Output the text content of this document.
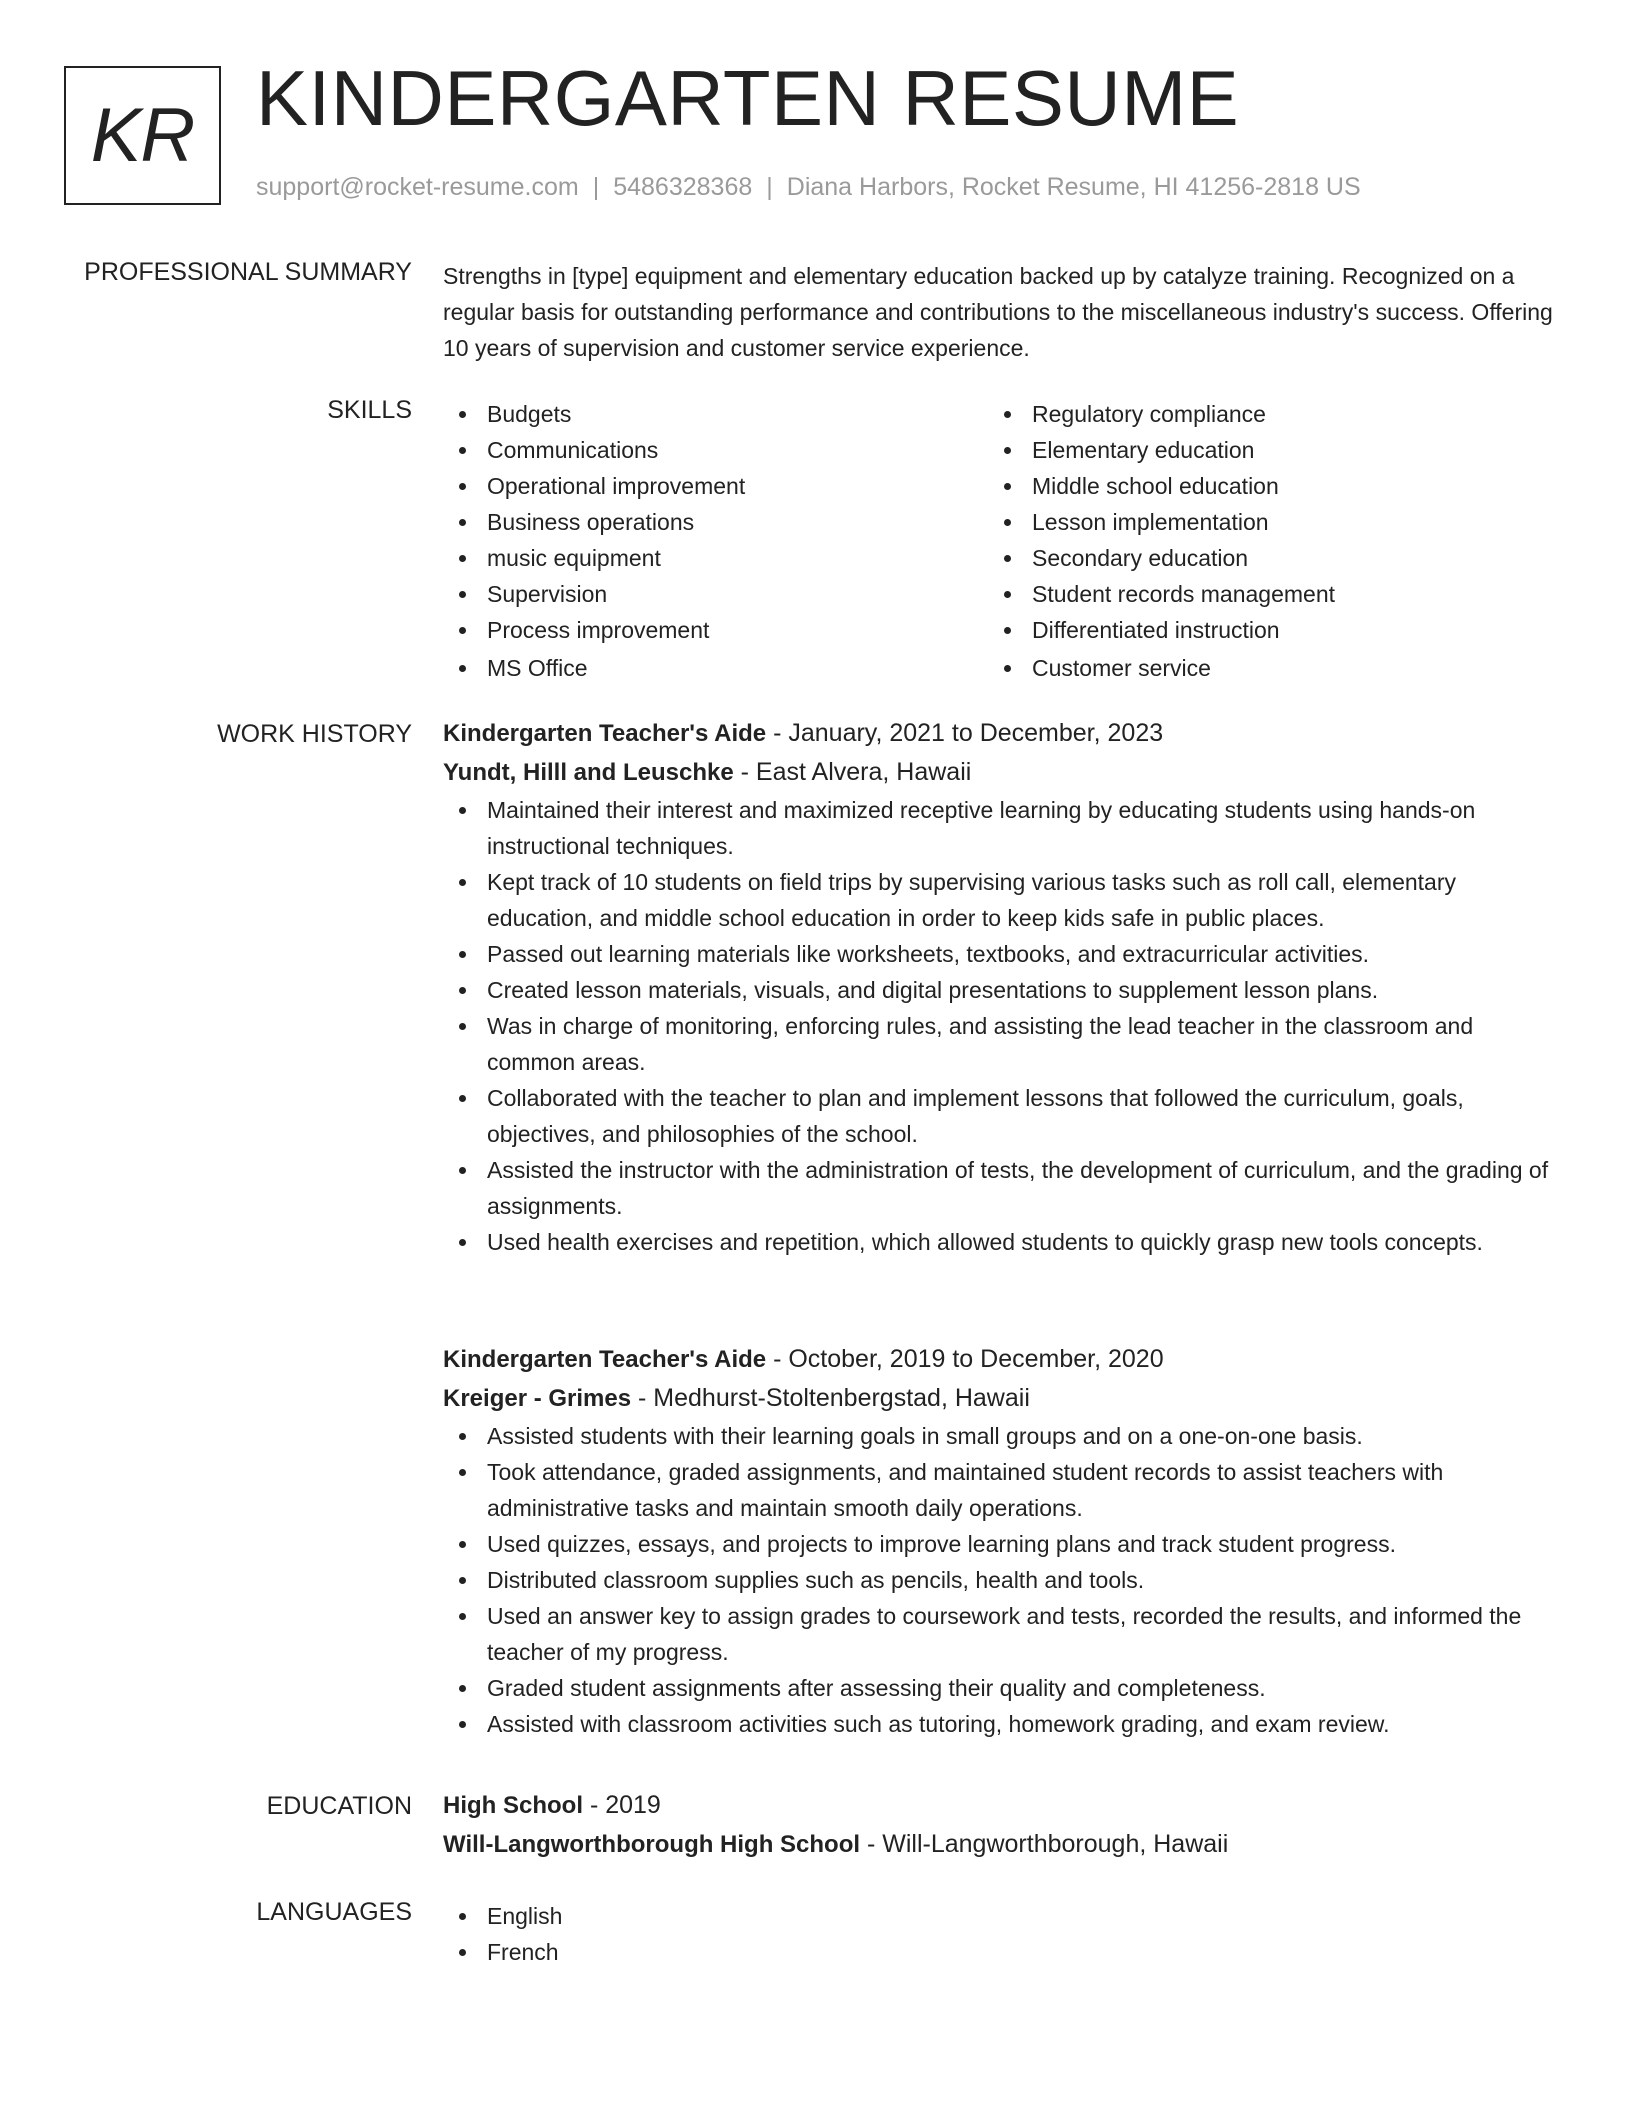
KR KINDERGARTEN RESUME
support@rocket-resume.com | 5486328368 | Diana Harbors, Rocket Resume, HI 41256-2818 US
PROFESSIONAL SUMMARY Strengths in [type] equipment and elementary education backed up by catalyze training. Recognized on a regular basis for outstanding performance and contributions to the miscellaneous industry's success. Offering 10 years of supervision and customer service experience.

SKILLS	Budgets
Communications
Operational improvement
Business operations
music equipment
Supervision
Process improvement
MS Office
Regulatory compliance
Elementary education
Middle school education
Lesson implementation
Secondary education
Student records management
Differentiated instruction
Customer service
WORK HISTORY Kindergarten Teacher's Aide - January, 2021 to December, 2023
Yundt, Hilll and Leuschke - East Alvera, Hawaii
Maintained their interest and maximized receptive learning by educating students using hands-on instructional techniques.
Kept track of 10 students on field trips by supervising various tasks such as roll call, elementary education, and middle school education in order to keep kids safe in public places.
Passed out learning materials like worksheets, textbooks, and extracurricular activities.
Created lesson materials, visuals, and digital presentations to supplement lesson plans.
Was in charge of monitoring, enforcing rules, and assisting the lead teacher in the classroom and common areas.
Collaborated with the teacher to plan and implement lessons that followed the curriculum, goals, objectives, and philosophies of the school.
Assisted the instructor with the administration of tests, the development of curriculum, and the grading of assignments.
Used health exercises and repetition, which allowed students to quickly grasp new tools concepts.
Kindergarten Teacher's Aide - October, 2019 to December, 2020
Kreiger - Grimes - Medhurst-Stoltenbergstad, Hawaii
Assisted students with their learning goals in small groups and on a one-on-one basis.
Took attendance, graded assignments, and maintained student records to assist teachers with administrative tasks and maintain smooth daily operations.
Used quizzes, essays, and projects to improve learning plans and track student progress.
Distributed classroom supplies such as pencils, health and tools.
Used an answer key to assign grades to coursework and tests, recorded the results, and informed the teacher of my progress.
Graded student assignments after assessing their quality and completeness.
Assisted with classroom activities such as tutoring, homework grading, and exam review.
EDUCATION High School - 2019
Will-Langworthborough High School - Will-Langworthborough, Hawaii
LANGUAGES	English
French
